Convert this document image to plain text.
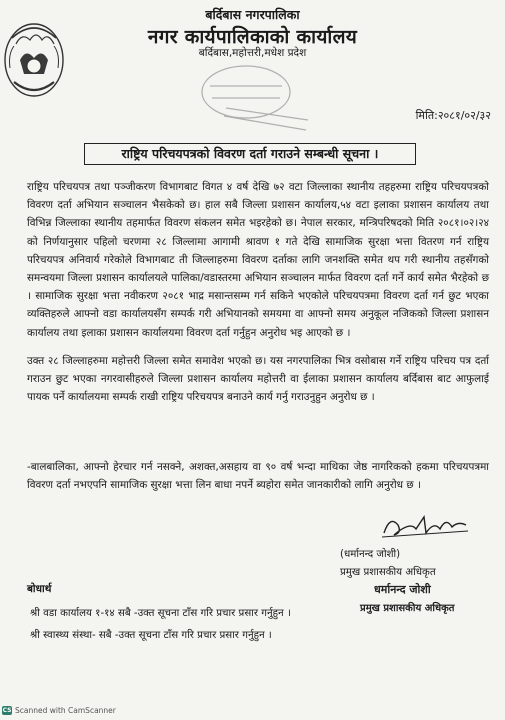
बर्दिबास नगरपालिका
नगर कार्यपालिकाको कार्यालय
बर्दिबास,महोत्तरी,मधेश प्रदेश
मिति:२०८१/०२/३२
राष्ट्रिय परिचयपत्रको विवरण दर्ता गराउने सम्बन्धी सूचना ।

राष्ट्रिय परिचयपत्र तथा पञ्जीकरण विभागबाट विगत ४ वर्ष देखि ७२ वटा जिल्लाका स्थानीय तहहरुमा राष्ट्रिय परिचयपत्रको विवरण दर्ता अभियान सञ्चालन भैसकेको छ। हाल सबै जिल्ला प्रशासन कार्यालय,५४ वटा इलाका प्रशासन कार्यालय तथा विभिन्न जिल्लाका स्थानीय तहमार्फत विवरण संकलन समेत भइरहेको छ। नेपाल सरकार, मन्त्रिपरिषदको मिति २०८१।०२।२४ को निर्णयानुसार पहिलो चरणमा २८ जिल्लामा आगामी श्रावण १ गते देखि सामाजिक सुरक्षा भत्ता वितरण गर्न राष्ट्रिय परिचयपत्र अनिवार्य गरेकोले विभागबाट ती जिल्लाहरुमा विवरण दर्ताका लागि जनशक्ति समेत थप गरी स्थानीय तहसँगको समन्वयमा जिल्ला प्रशासन कार्यालयले पालिका/वडास्तरमा अभियान सञ्चालन मार्फत विवरण दर्ता गर्ने कार्य समेत भैरहेको छ । सामाजिक सुरक्षा भत्ता नवीकरण २०८१ भाद्र मसान्तसम्म गर्न सकिने भएकोले परिचयपत्रमा विवरण दर्ता गर्न छुट भएका व्यक्तिहरुले आफ्नो वडा कार्यालयसँग सम्पर्क गरी अभियानको समयमा वा आफ्नो समय अनुकूल नजिकको जिल्ला प्रशासन कार्यालय तथा इलाका प्रशासन कार्यालयमा विवरण दर्ता गर्नुहुन अनुरोध भइ आएको छ ।

उक्त २८ जिल्लाहरुमा महोत्तरी जिल्ला समेत समावेश भएको छ। यस नगरपालिका भित्र वसोबास गर्ने राष्ट्रिय परिचय पत्र दर्ता गराउन छुट भएका नगरवासीहरुले जिल्ला प्रशासन कार्यालय महोत्तरी वा ईलाका प्रशासन कार्यालय बर्दिबास बाट आफुलाई पायक पर्ने कार्यालयमा सम्पर्क राखी राष्ट्रिय परिचयपत्र बनाउने कार्य गर्नु गराउनुहुन अनुरोध छ ।

-बालबालिका, आफ्नो हेरचार गर्न नसक्ने, अशक्त,असहाय वा ९० वर्ष भन्दा माथिका जेष्ठ नागरिकको हकमा परिचयपत्रमा विवरण दर्ता नभएपनि सामाजिक सुरक्षा भत्ता लिन बाधा नपर्ने ब्यहोरा समेत जानकारीको लागि अनुरोध छ ।

(धर्मानन्द जोशी)
प्रमुख प्रशासकीय अधिकृत
धर्मानन्द जोशी
प्रमुख प्रशासकीय अधिकृत
बोधार्थ
श्री वडा कार्यालय १-१४ सबै -उक्त सूचना टाँस गरि प्रचार प्रसार गर्नुहुन ।
श्री स्वास्थ्य संस्था- सबै -उक्त सूचना टाँस गरि प्रचार प्रसार गर्नुहुन ।
CS Scanned with CamScanner
